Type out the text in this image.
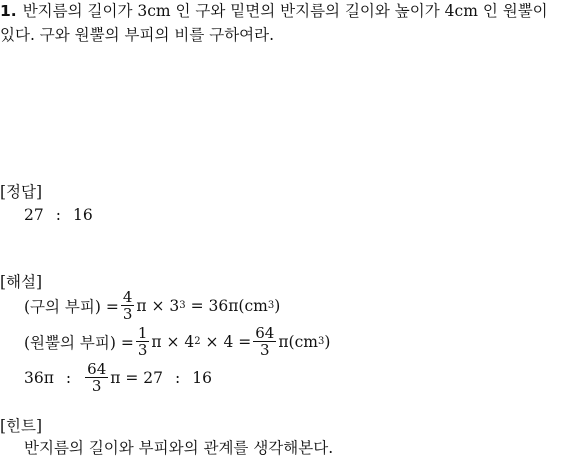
1. 반지름의 길이가 3cm 인 구와 밑면의 반지름의 길이와 높이가 4cm 인 원뿔이
있다. 구와 원뿔의 부피의 비를 구하여라.
[정답]
27 : 16
[해설]
(구의 부피) = $\frac{4}{3}$ π × 3 3 = 36π(cm 3 )
(원뿔의 부피) = $\frac{1}{3}$ π × 4 $2 \times 4 = \frac{64}{3} \pi(cm$ 3 )
36π : $\frac{64}{3}$ π = 27 : 16
[힌트]
반지름의 길이와 부피와의 관계를 생각해본다.
